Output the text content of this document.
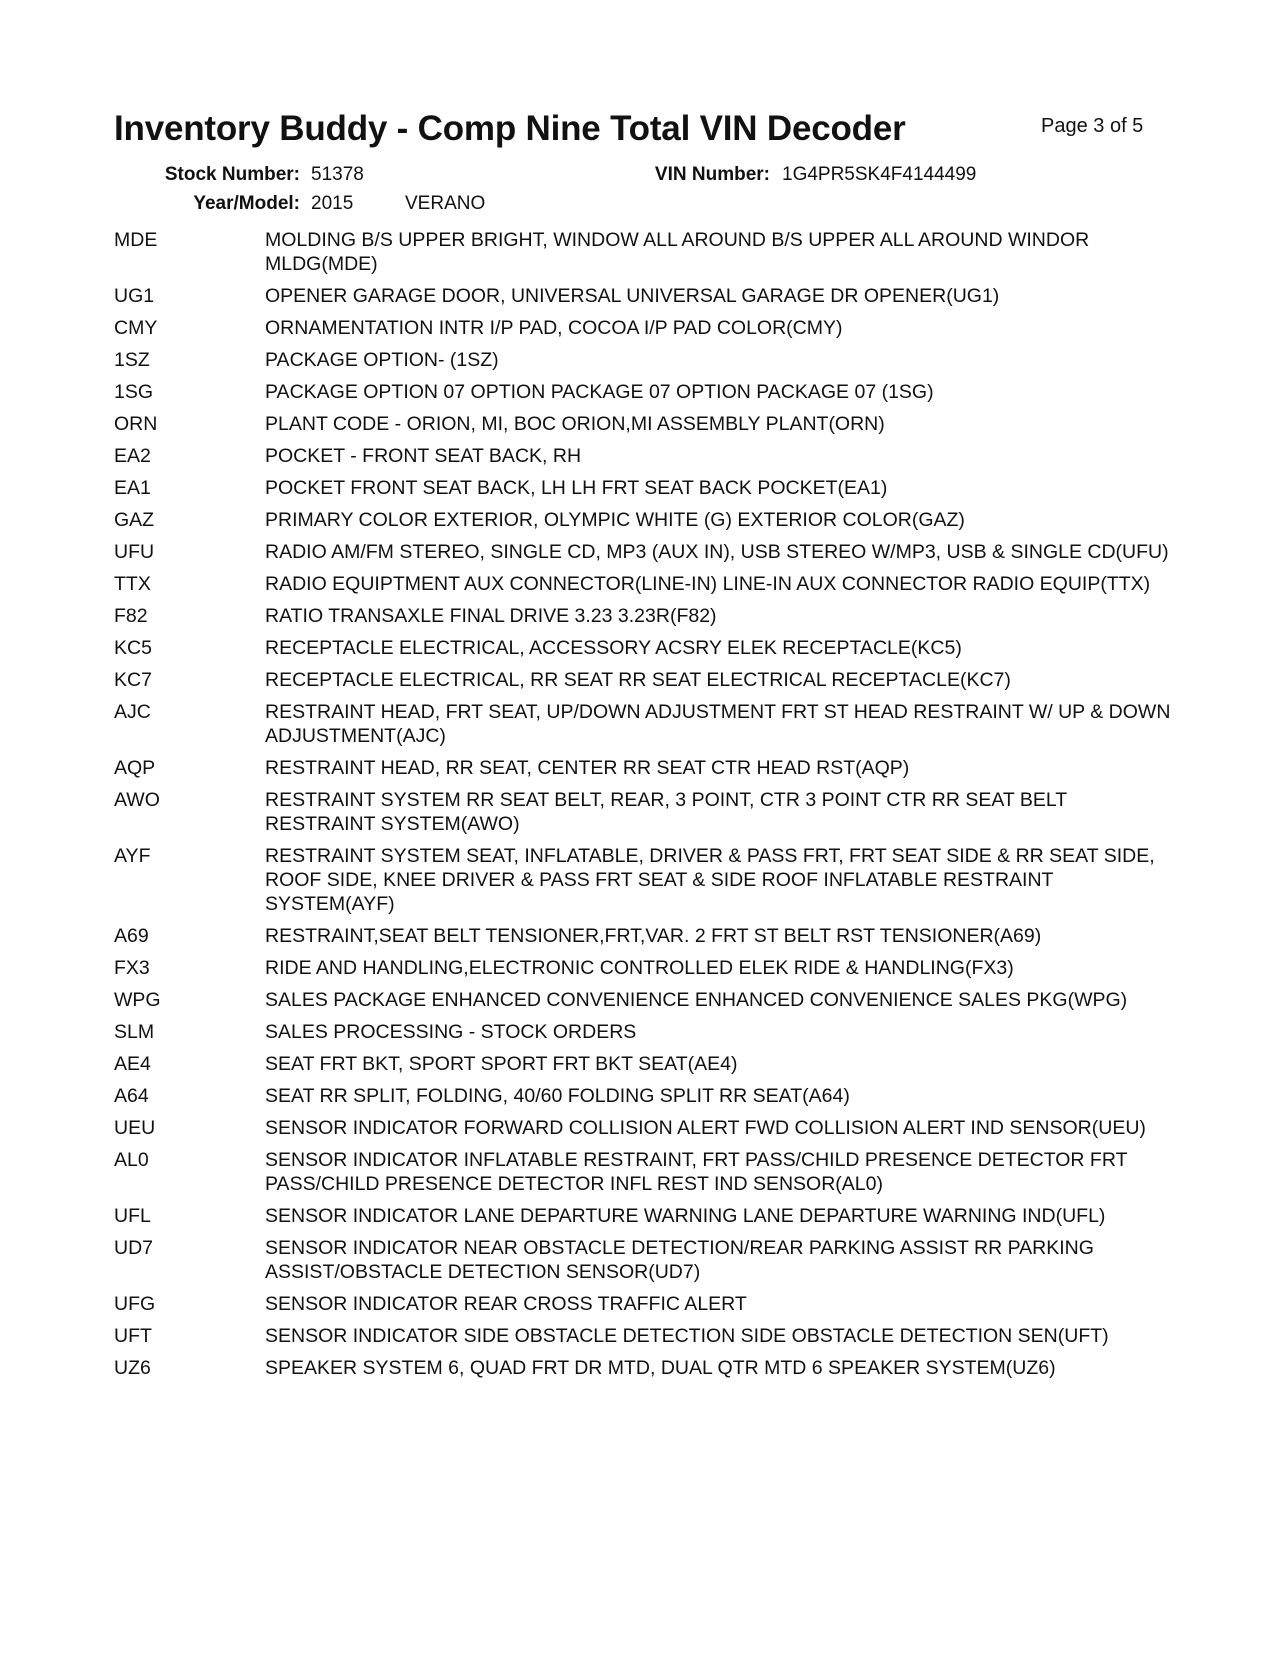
Page 3 of 5
Inventory Buddy - Comp Nine Total VIN Decoder
Stock Number: 51378	VIN Number: 1G4PR5SK4F4144499
Year/Model: 2015	VERANO
MDE	MOLDING B/S UPPER BRIGHT, WINDOW ALL AROUND B/S UPPER ALL AROUND WINDOR MLDG(MDE)
UG1	OPENER GARAGE DOOR, UNIVERSAL UNIVERSAL GARAGE DR OPENER(UG1)
CMY	ORNAMENTATION INTR I/P PAD, COCOA I/P PAD COLOR(CMY)
1SZ	PACKAGE OPTION- (1SZ)
1SG	PACKAGE OPTION 07 OPTION PACKAGE 07 OPTION PACKAGE 07 (1SG)
ORN	PLANT CODE - ORION, MI, BOC ORION,MI ASSEMBLY PLANT(ORN)
EA2	POCKET - FRONT SEAT BACK, RH
EA1	POCKET FRONT SEAT BACK, LH LH FRT SEAT BACK POCKET(EA1)
GAZ	PRIMARY COLOR EXTERIOR, OLYMPIC WHITE (G) EXTERIOR COLOR(GAZ)
UFU	RADIO AM/FM STEREO, SINGLE CD, MP3 (AUX IN), USB STEREO W/MP3, USB & SINGLE CD(UFU)
TTX	RADIO EQUIPTMENT AUX CONNECTOR(LINE-IN) LINE-IN AUX CONNECTOR RADIO EQUIP(TTX)
F82	RATIO TRANSAXLE FINAL DRIVE 3.23 3.23R(F82)
KC5	RECEPTACLE ELECTRICAL, ACCESSORY ACSRY ELEK RECEPTACLE(KC5)
KC7	RECEPTACLE ELECTRICAL, RR SEAT RR SEAT ELECTRICAL RECEPTACLE(KC7)
AJC	RESTRAINT HEAD, FRT SEAT, UP/DOWN ADJUSTMENT FRT ST HEAD RESTRAINT W/ UP & DOWN ADJUSTMENT(AJC)
AQP	RESTRAINT HEAD, RR SEAT, CENTER RR SEAT CTR HEAD RST(AQP)
AWO	RESTRAINT SYSTEM RR SEAT BELT, REAR, 3 POINT, CTR 3 POINT CTR RR SEAT BELT RESTRAINT SYSTEM(AWO)
AYF	RESTRAINT SYSTEM SEAT, INFLATABLE, DRIVER & PASS FRT, FRT SEAT SIDE & RR SEAT SIDE, ROOF SIDE, KNEE DRIVER & PASS FRT SEAT & SIDE ROOF INFLATABLE RESTRAINT SYSTEM(AYF)
A69	RESTRAINT,SEAT BELT TENSIONER,FRT,VAR. 2 FRT ST BELT RST TENSIONER(A69)
FX3	RIDE AND HANDLING,ELECTRONIC CONTROLLED ELEK RIDE & HANDLING(FX3)
WPG	SALES PACKAGE ENHANCED CONVENIENCE ENHANCED CONVENIENCE SALES PKG(WPG)
SLM	SALES PROCESSING - STOCK ORDERS
AE4	SEAT FRT BKT, SPORT SPORT FRT BKT SEAT(AE4)
A64	SEAT RR SPLIT, FOLDING, 40/60 FOLDING SPLIT RR SEAT(A64)
UEU	SENSOR INDICATOR FORWARD COLLISION ALERT FWD COLLISION ALERT IND SENSOR(UEU)
AL0	SENSOR INDICATOR INFLATABLE RESTRAINT, FRT PASS/CHILD PRESENCE DETECTOR FRT PASS/CHILD PRESENCE DETECTOR INFL REST IND SENSOR(AL0)
UFL	SENSOR INDICATOR LANE DEPARTURE WARNING LANE DEPARTURE WARNING IND(UFL)
UD7	SENSOR INDICATOR NEAR OBSTACLE DETECTION/REAR PARKING ASSIST RR PARKING ASSIST/OBSTACLE DETECTION SENSOR(UD7)
UFG	SENSOR INDICATOR REAR CROSS TRAFFIC ALERT
UFT	SENSOR INDICATOR SIDE OBSTACLE DETECTION SIDE OBSTACLE DETECTION SEN(UFT)
UZ6	SPEAKER SYSTEM 6, QUAD FRT DR MTD, DUAL QTR MTD 6 SPEAKER SYSTEM(UZ6)
